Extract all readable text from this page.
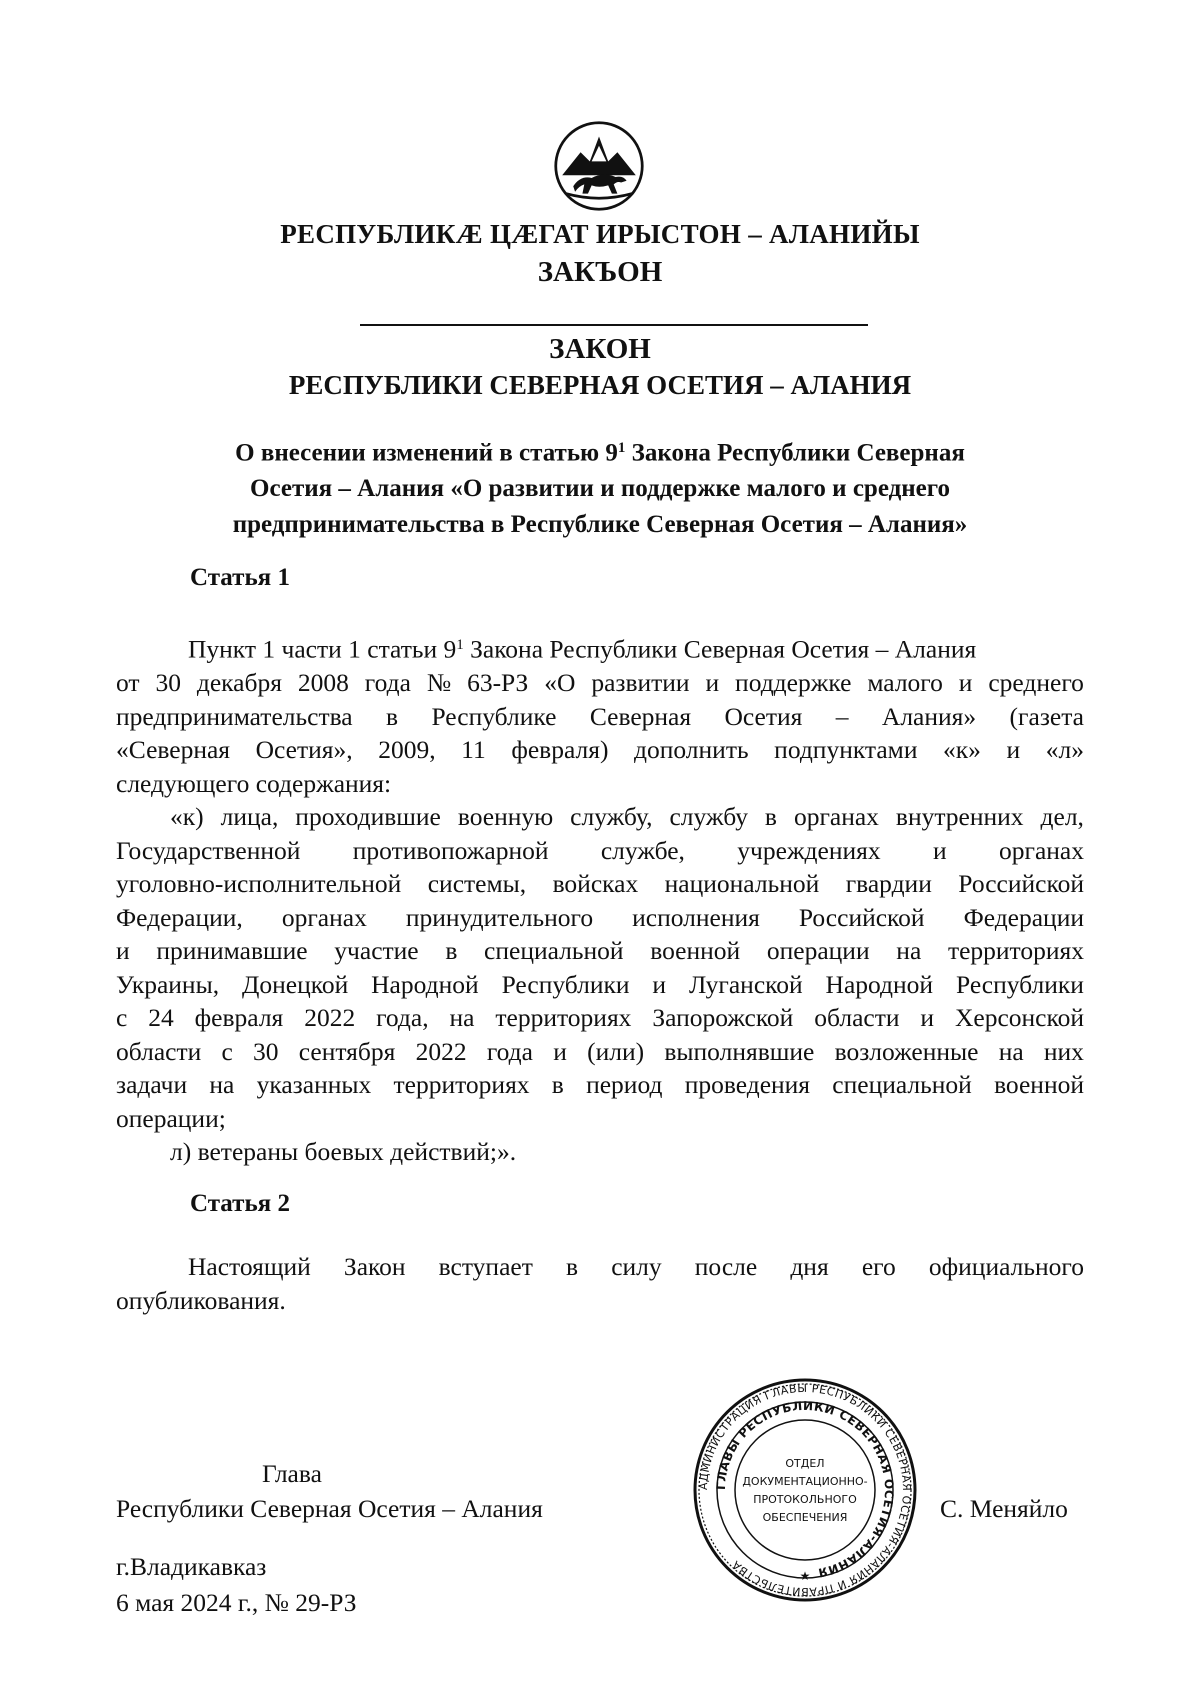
РЕСПУБЛИКӔ ЦӔГАТ ИРЫСТОН – АЛАНИЙЫ
ЗАКЪОН
ЗАКОН
РЕСПУБЛИКИ СЕВЕРНАЯ ОСЕТИЯ – АЛАНИЯ
О внесении изменений в статью $9^1$ Закона Республики Северная
Осетия – Алания «О развитии и поддержке малого и среднего
предпринимательства в Республике Северная Осетия – Алания»
Статья 1
Пункт 1 части 1 статьи $9^1$ Закона Республики Северная Осетия – Алания
от 30 декабря 2008 года № 63-РЗ «О развитии и поддержке малого и среднего
предпринимательства в Республике Северная Осетия – Алания» (газета
«Северная Осетия», 2009, 11 февраля) дополнить подпунктами «к» и «л»
следующего содержания:
«к) лица, проходившие военную службу, службу в органах внутренних дел,
Государственной противопожарной службе, учреждениях и органах
уголовно-исполнительной системы, войсках национальной гвардии Российской
Федерации, органах принудительного исполнения Российской Федерации
и принимавшие участие в специальной военной операции на территориях
Украины, Донецкой Народной Республики и Луганской Народной Республики
с 24 февраля 2022 года, на территориях Запорожской области и Херсонской
области с 30 сентября 2022 года и (или) выполнявшие возложенные на них
задачи на указанных территориях в период проведения специальной военной
операции;
л) ветераны боевых действий;».
Статья 2
Настоящий Закон вступает в силу после дня его официального
опубликования.
Глава
Республики Северная Осетия – Алания	С. Меняйло
г.Владикавказ
6 мая 2024 г., № 29-РЗ
АДМИНИСТРАЦИЯ ГЛАВЫ РЕСПУБЛИКИ СЕВЕРНАЯ ОСЕТИЯ-АЛАНИЯ И ПРАВИТЕЛЬСТВА
ГЛАВЫ РЕСПУБЛИКИ СЕВЕРНАЯ ОСЕТИЯ-АЛАНИЯ
ОТДЕЛ
ДОКУМЕНТАЦИОННО-
ПРОТОКОЛЬНОГО
ОБЕСПЕЧЕНИЯ
★
